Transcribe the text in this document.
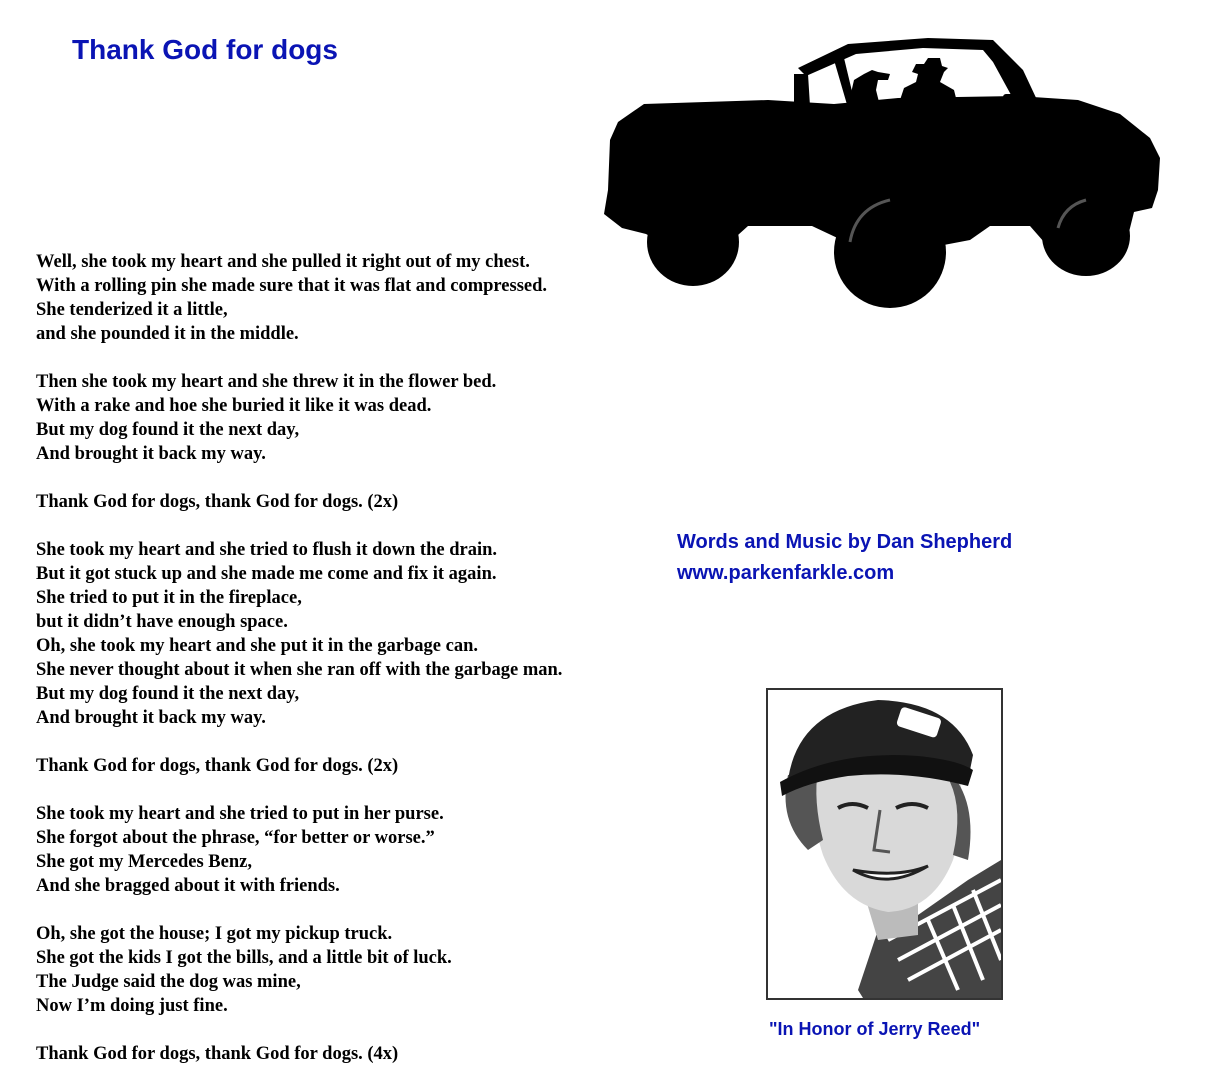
Thank God for dogs
Well, she took my heart and she pulled it right out of my chest.
With a rolling pin she made sure that it was flat and compressed.
She tenderized it a little,
and she pounded it in the middle.
Then she took my heart and she threw it in the flower bed.
With a rake and hoe she buried it like it was dead.
But my dog found it the next day,
And brought it back my way.
Thank God for dogs, thank God for dogs. (2x)
She took my heart and she tried to flush it down the drain.
But it got stuck up and she made me come and fix it again.
She tried to put it in the fireplace,
but it didn’t have enough space.
Oh, she took my heart and she put it in the garbage can.
She never thought about it when she ran off with the garbage man.
But my dog found it the next day,
And brought it back my way.
Thank God for dogs, thank God for dogs. (2x)
She took my heart and she tried to put in her purse.
She forgot about the phrase, “for better or worse.”
She got my Mercedes Benz,
And she bragged about it with friends.
Oh, she got the house; I got my pickup truck.
She got the kids I got the bills, and a little bit of luck.
The Judge said the dog was mine,
Now I’m doing just fine.
Thank God for dogs, thank God for dogs. (4x)
Words and Music by Dan Shepherd
www.parkenfarkle.com
"In Honor of Jerry Reed"
